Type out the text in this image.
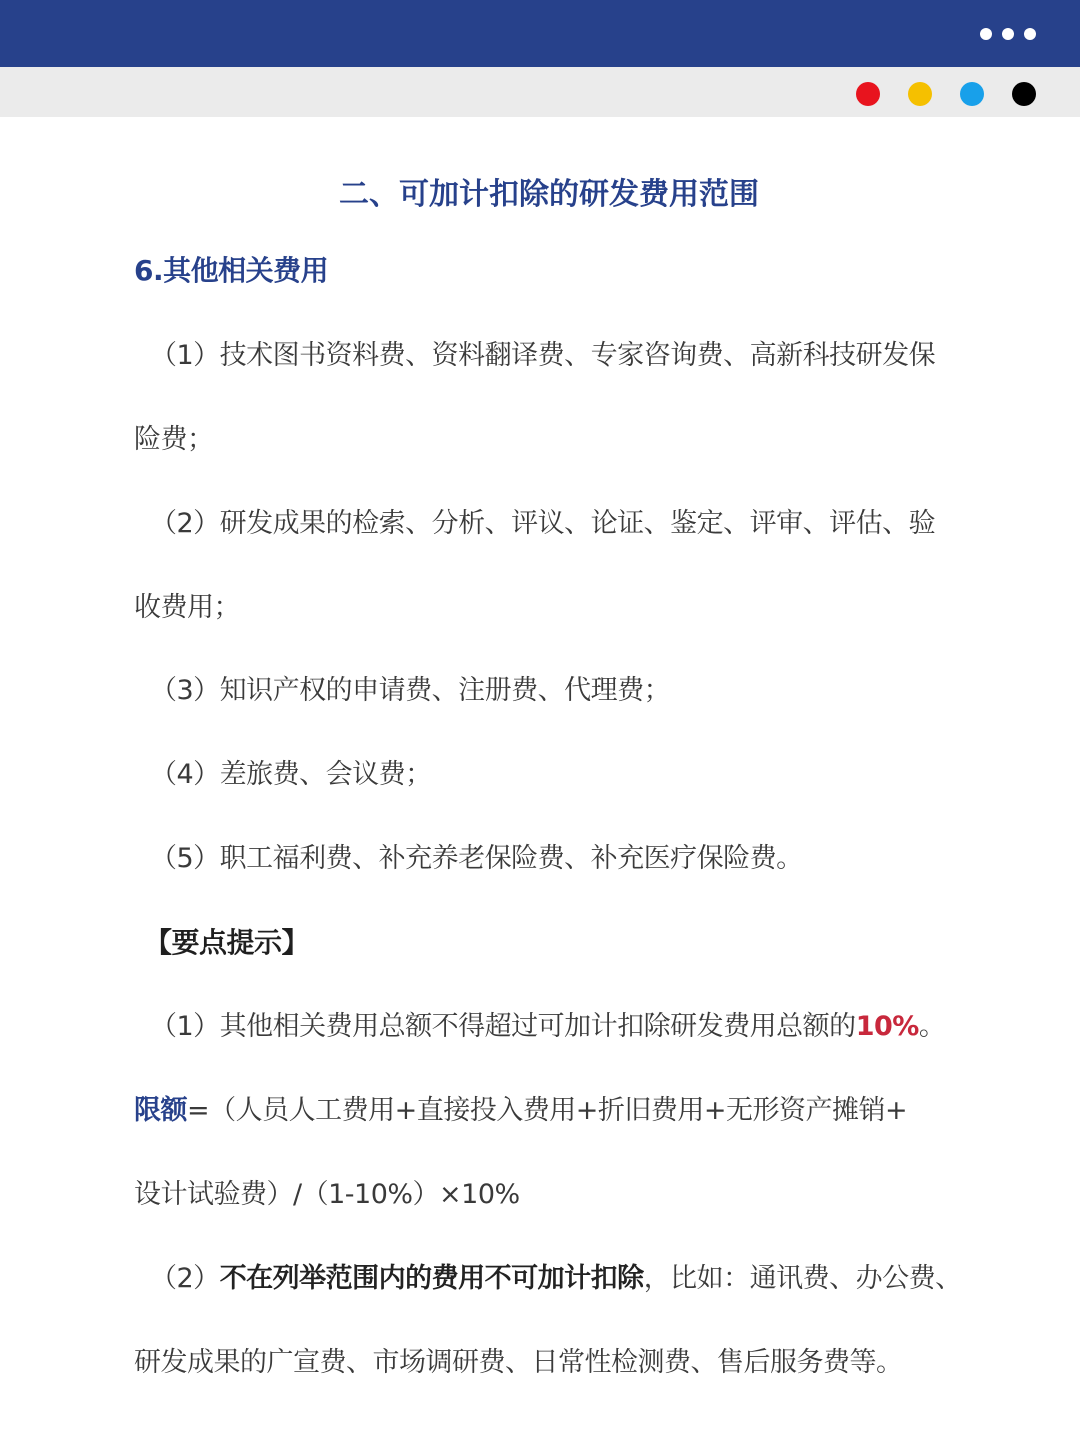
二、可加计扣除的研发费用范围
6.其他相关费用
（1）技术图书资料费、资料翻译费、专家咨询费、高新科技研发保
险费；
（2）研发成果的检索、分析、评议、论证、鉴定、评审、评估、验
收费用；
（3）知识产权的申请费、注册费、代理费；
（4）差旅费、会议费；
（5）职工福利费、补充养老保险费、补充医疗保险费。
【要点提示】
（1）其他相关费用总额不得超过可加计扣除研发费用总额的10%。
限额=（人员人工费用+直接投入费用+折旧费用+无形资产摊销+
设计试验费）/（1-10%）×10%
（2）不在列举范围内的费用不可加计扣除，比如：通讯费、办公费、
研发成果的广宣费、市场调研费、日常性检测费、售后服务费等。
